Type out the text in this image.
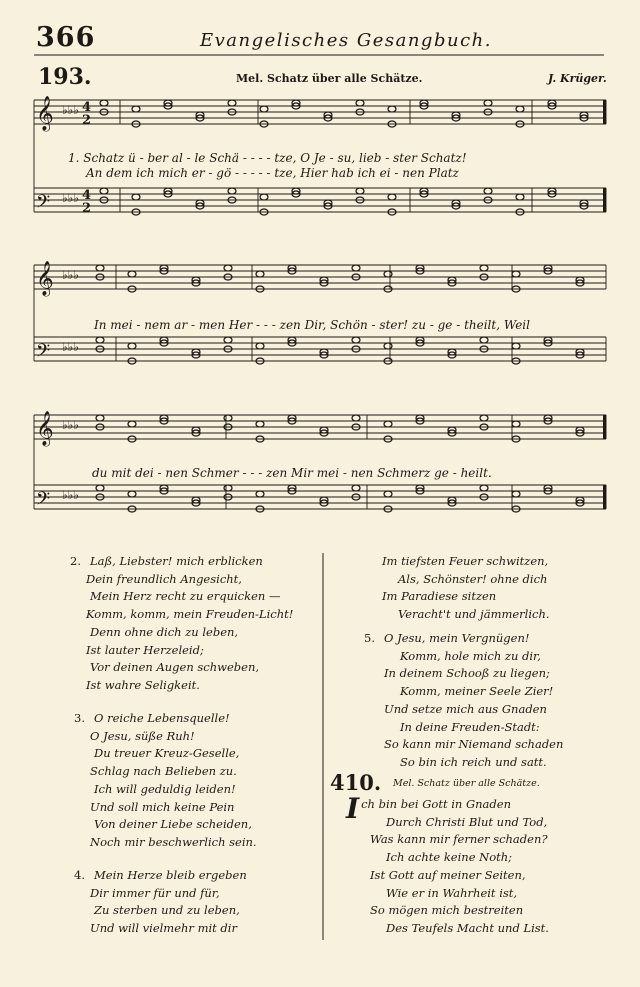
366	Evangelisches Gesangbuch.
193.	Mel. Schatz über alle Schätze.	J. Krüger.
𝄞 ♭♭♭ 4
2
𝄢 ♭♭♭ 4
2
𝄞 ♭♭♭
𝄢 ♭♭♭
𝄞 ♭♭♭
𝄢 ♭♭♭
1. Schatz ü - ber al - le Schä - - - - tze, O Je - su, lieb - ster Schatz!
An dem ich mich er - gö - - - - - tze, Hier hab ich ei - nen Platz
In mei - nem ar - men Her - - - zen Dir, Schön - ster! zu - ge - theilt, Weil
du mit dei - nen Schmer - - - zen Mir mei - nen Schmerz ge - heilt.
2. Laß, Liebster! mich erblicken
Dein freundlich Angesicht,
Mein Herz recht zu erquicken —
Komm, komm, mein Freuden-Licht!
Denn ohne dich zu leben,
Ist lauter Herzeleid;
Vor deinen Augen schweben,
Ist wahre Seligkeit.
3. O reiche Lebensquelle!
O Jesu, süße Ruh!
Du treuer Kreuz-Geselle,
Schlag nach Belieben zu.
Ich will geduldig leiden!
Und soll mich keine Pein
Von deiner Liebe scheiden,
Noch mir beschwerlich sein.
4. Mein Herze bleib ergeben
Dir immer für und für,
Zu sterben und zu leben,
Und will vielmehr mit dir
Im tiefsten Feuer schwitzen,
Als, Schönster! ohne dich
Im Paradiese sitzen
Veracht't und jämmerlich.
5. O Jesu, mein Vergnügen!
Komm, hole mich zu dir,
In deinem Schooß zu liegen;
Komm, meiner Seele Zier!
Und setze mich aus Gnaden
In deine Freuden-Stadt:
So kann mir Niemand schaden
So bin ich reich und satt.
410. Mel. Schatz über alle Schätze.
Ich bin bei Gott in Gnaden
Durch Christi Blut und Tod,
Was kann mir ferner schaden?
Ich achte keine Noth;
Ist Gott auf meiner Seiten,
Wie er in Wahrheit ist,
So mögen mich bestreiten
Des Teufels Macht und List.
